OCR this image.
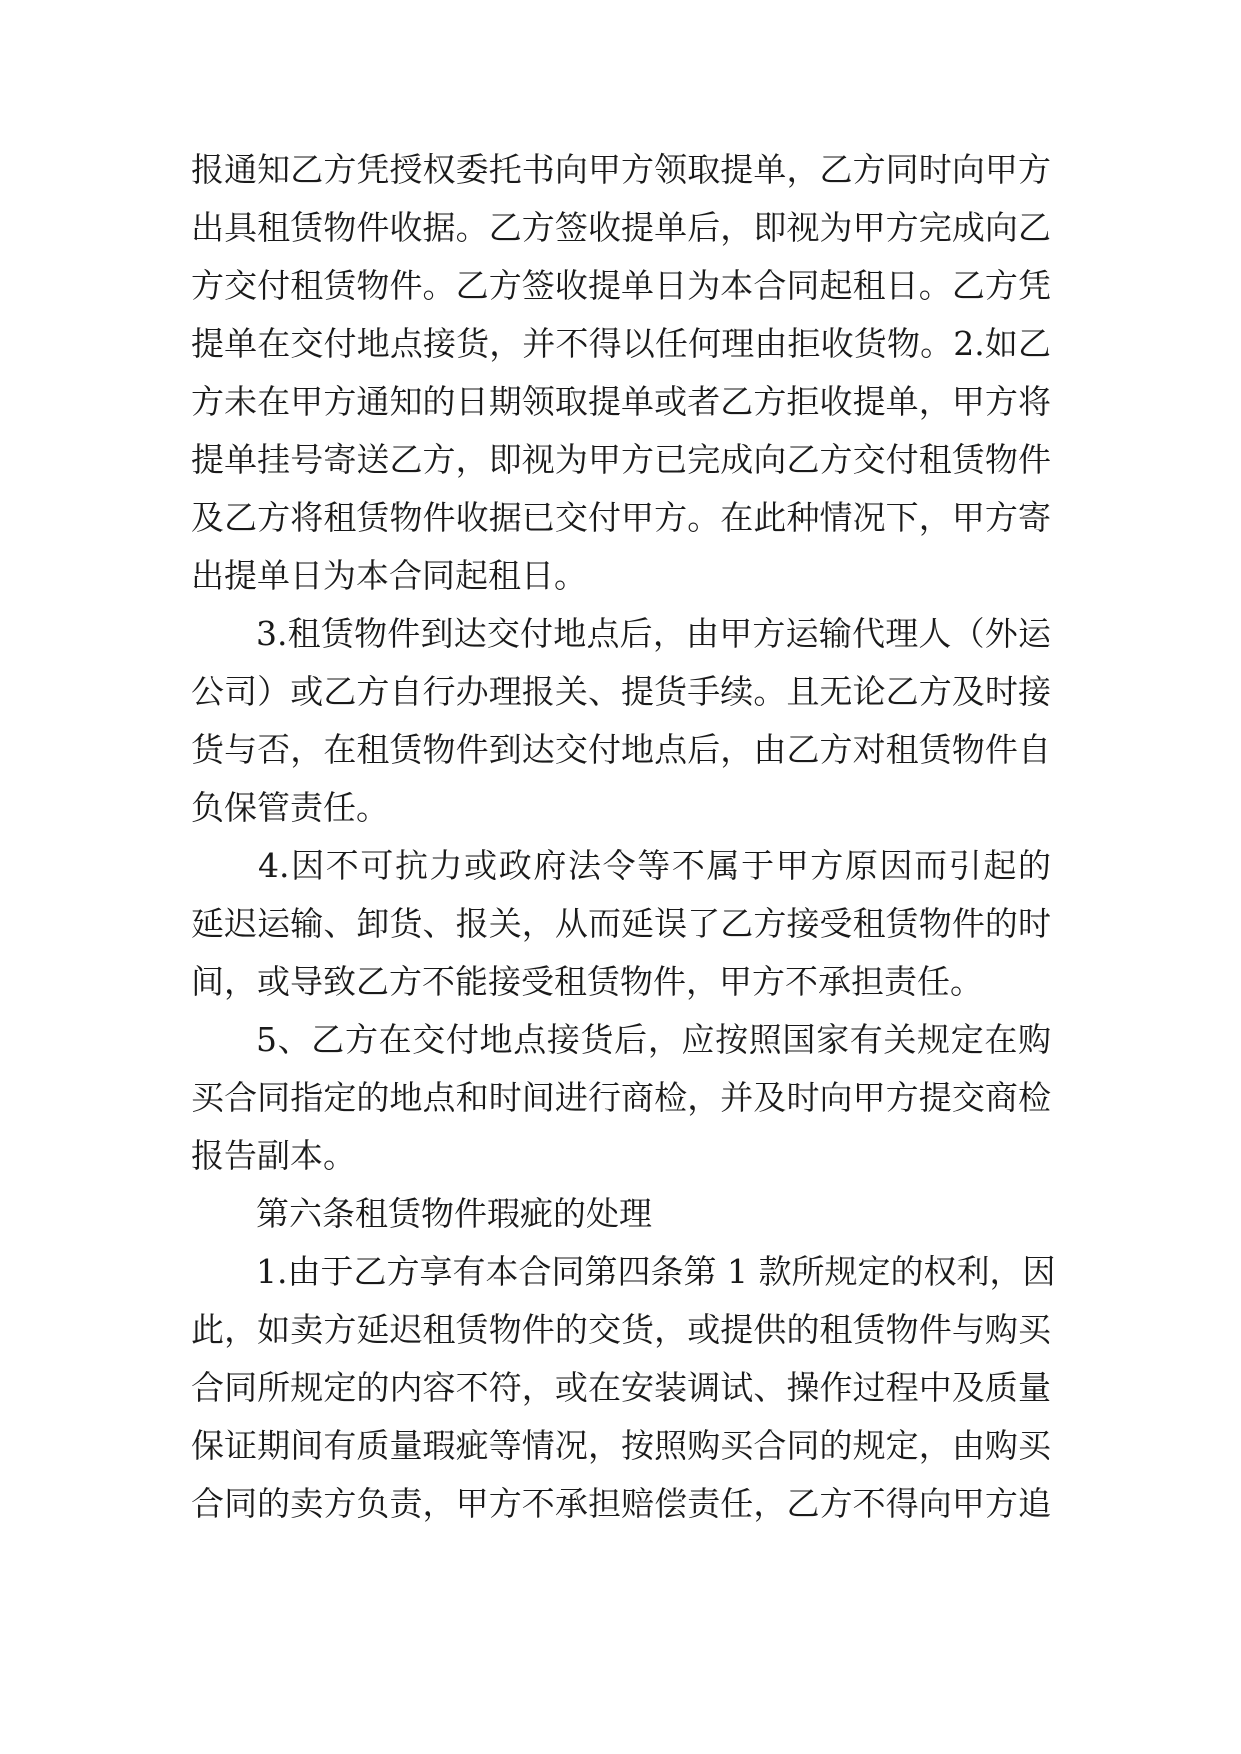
报通知乙方凭授权委托书向甲方领取提单，乙方同时向甲方
出具租赁物件收据。乙方签收提单后，即视为甲方完成向乙
方交付租赁物件。乙方签收提单日为本合同起租日。乙方凭
提单在交付地点接货，并不得以任何理由拒收货物。2.如乙
方未在甲方通知的日期领取提单或者乙方拒收提单，甲方将
提单挂号寄送乙方，即视为甲方已完成向乙方交付租赁物件
及乙方将租赁物件收据已交付甲方。在此种情况下，甲方寄
出提单日为本合同起租日。
3.租赁物件到达交付地点后，由甲方运输代理人（外运
公司）或乙方自行办理报关、提货手续。且无论乙方及时接
货与否，在租赁物件到达交付地点后，由乙方对租赁物件自
负保管责任。
4.因不可抗力或政府法令等不属于甲方原因而引起的
延迟运输、卸货、报关，从而延误了乙方接受租赁物件的时
间，或导致乙方不能接受租赁物件，甲方不承担责任。
5、乙方在交付地点接货后，应按照国家有关规定在购
买合同指定的地点和时间进行商检，并及时向甲方提交商检
报告副本。
第六条租赁物件瑕疵的处理
1.由于乙方享有本合同第四条第 1 款所规定的权利，因
此，如卖方延迟租赁物件的交货，或提供的租赁物件与购买
合同所规定的内容不符，或在安装调试、操作过程中及质量
保证期间有质量瑕疵等情况，按照购买合同的规定，由购买
合同的卖方负责，甲方不承担赔偿责任，乙方不得向甲方追
